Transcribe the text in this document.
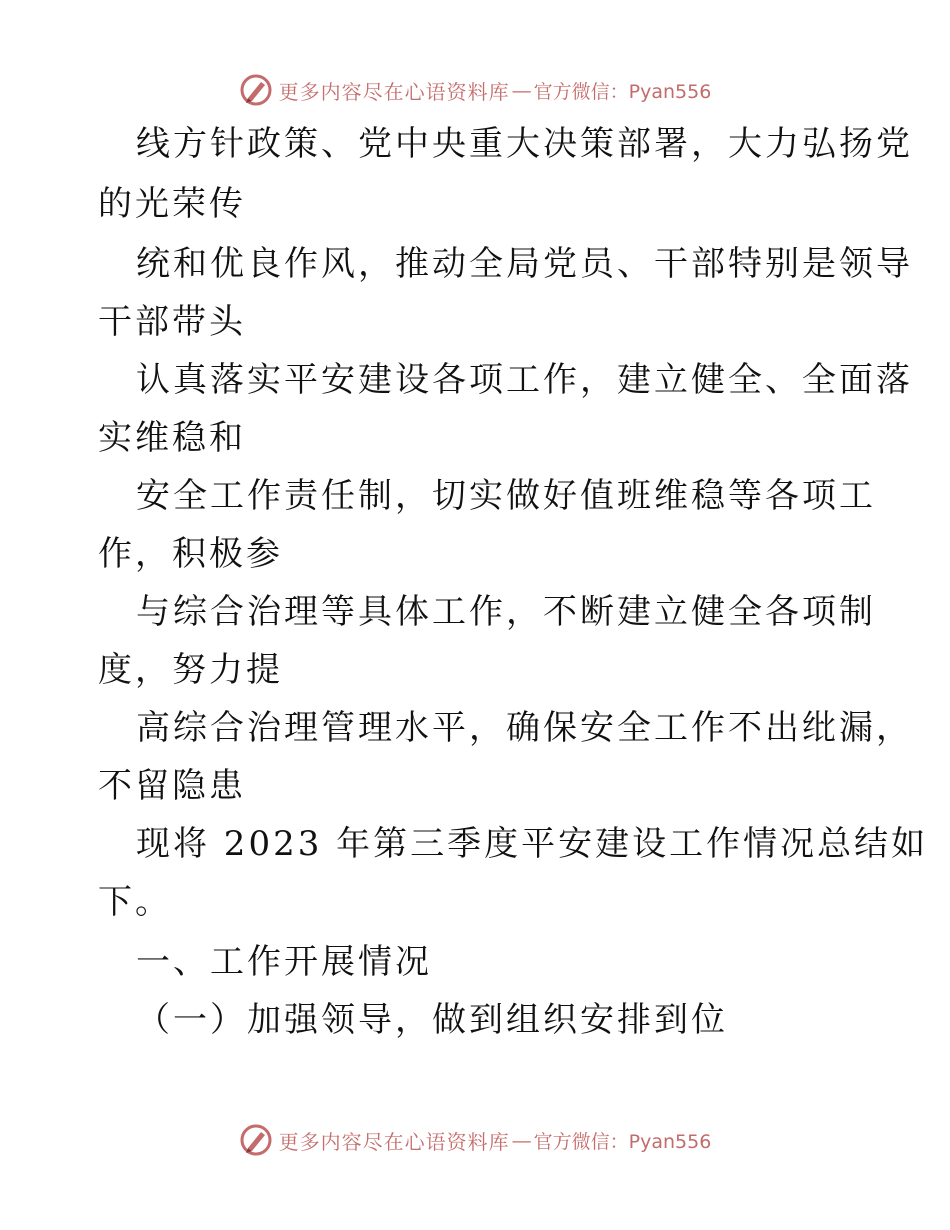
更多内容尽在心语资料库 — 官方微信：Pyan556
线方针政策、党中央重大决策部署，大力弘扬党
的光荣传
统和优良作风，推动全局党员、干部特别是领导
干部带头
认真落实平安建设各项工作，建立健全、全面落
实维稳和
安全工作责任制，切实做好值班维稳等各项工
作，积极参
与综合治理等具体工作，不断建立健全各项制
度，努力提
高综合治理管理水平，确保安全工作不出纰漏，
不留隐患
现将 2023 年第三季度平安建设工作情况总结如
下。
一、工作开展情况
（一）加强领导，做到组织安排到位
更多内容尽在心语资料库 — 官方微信：Pyan556
